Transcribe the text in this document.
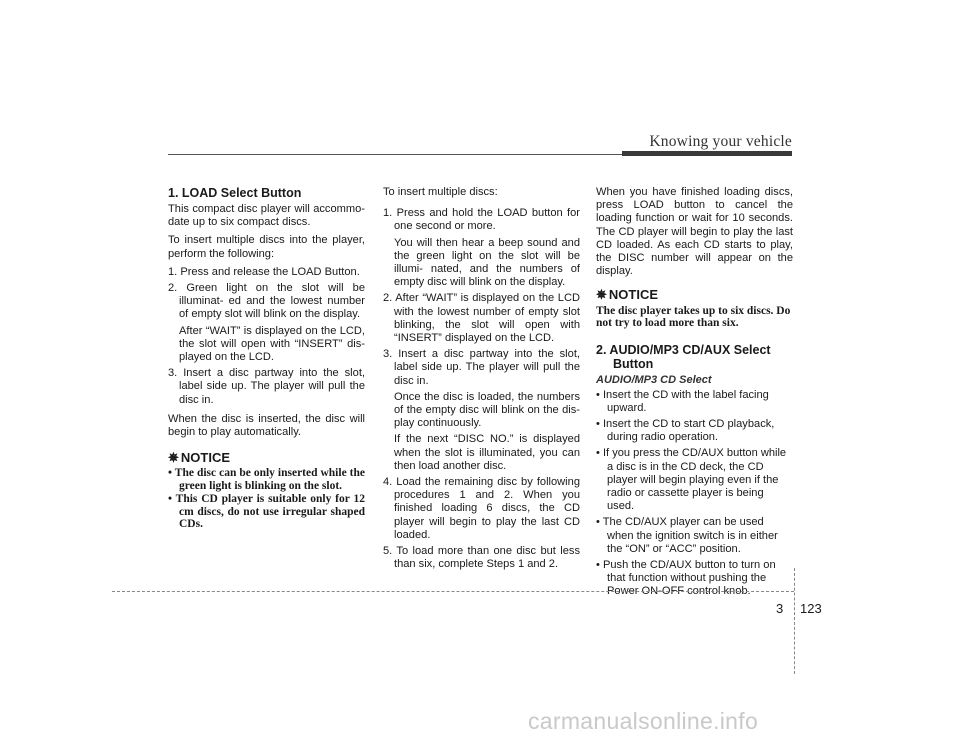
Knowing your vehicle
1. LOAD Select Button

This compact disc player will accommo- date up to six compact discs.

To insert multiple discs into the player, perform the following:

1. Press and release the LOAD Button.
2. Green light on the slot will be illuminat- ed and the lowest number of empty slot will blink on the display.
After “WAIT” is displayed on the LCD, the slot will open with “INSERT” dis- played on the LCD.
3. Insert a disc partway into the slot, label side up. The player will pull the disc in.

When the disc is inserted, the disc will begin to play automatically.

✵ NOTICE
• The disc can be only inserted while the green light is blinking on the slot.
• This CD player is suitable only for 12 cm discs, do not use irregular shaped CDs.

To insert multiple discs:

1. Press and hold the LOAD button for one second or more.
You will then hear a beep sound and the green light on the slot will be illumi- nated, and the numbers of empty disc will blink on the display.
2. After “WAIT” is displayed on the LCD with the lowest number of empty slot blinking, the slot will open with “INSERT” displayed on the LCD.
3. Insert a disc partway into the slot, label side up. The player will pull the disc in.
Once the disc is loaded, the numbers of the empty disc will blink on the dis- play continuously.
If the next “DISC NO.” is displayed when the slot is illuminated, you can then load another disc.
4. Load the remaining disc by following procedures 1 and 2. When you finished loading 6 discs, the CD player will begin to play the last CD loaded.
5. To load more than one disc but less than six, complete Steps 1 and 2.

When you have finished loading discs, press LOAD button to cancel the loading function or wait for 10 seconds. The CD player will begin to play the last CD loaded. As each CD starts to play, the DISC number will appear on the display.

✵ NOTICE

The disc player takes up to six discs. Do not try to load more than six.

2. AUDIO/MP3 CD/AUX Select
Button
AUDIO/MP3 CD Select
• Insert the CD with the label facing upward.
• Insert the CD to start CD playback, during radio operation.
• If you press the CD/AUX button while a disc is in the CD deck, the CD player will begin playing even if the radio or cassette player is being used.
• The CD/AUX player can be used when the ignition switch is in either the “ON” or “ACC” position.
• Push the CD/AUX button to turn on that function without pushing the Power ON-OFF control knob.
3 123
carmanualsonline.info
